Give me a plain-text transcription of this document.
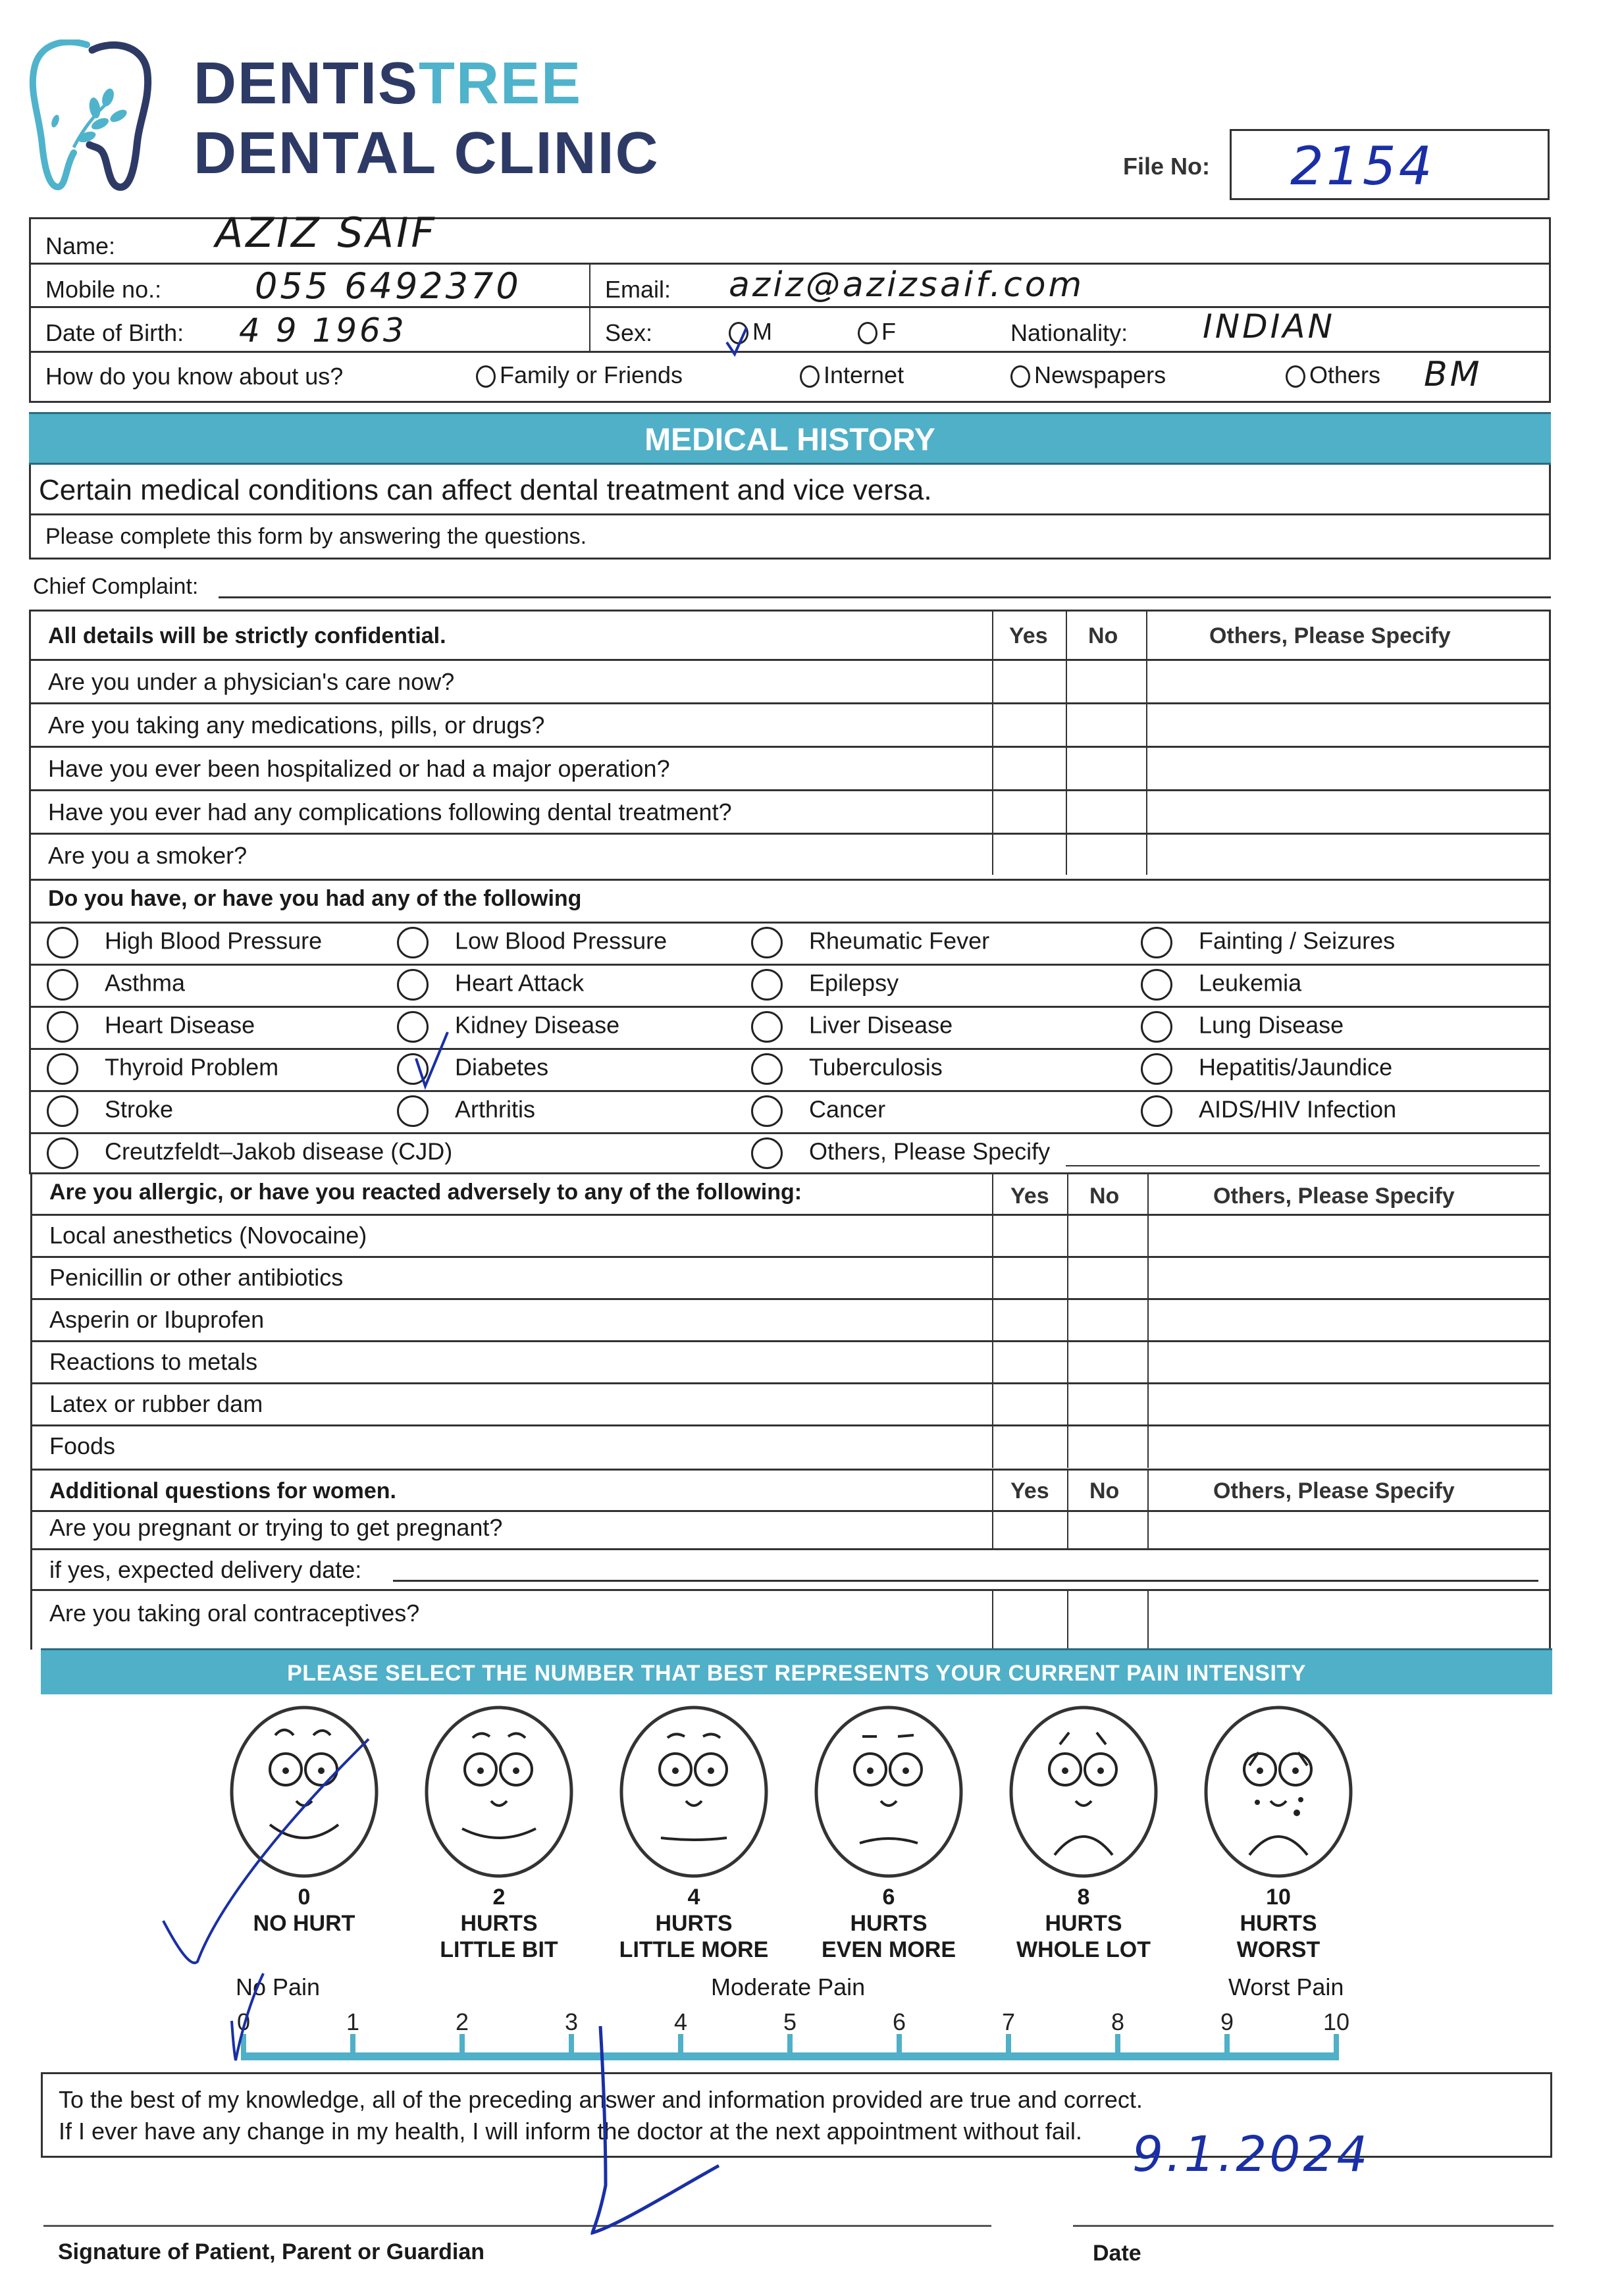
DENTISTREE
DENTAL CLINIC	File No: 2154
Name: AZIZ SAIF
Mobile no.:	055 6492370	Email: aziz@azizsaif.com
Date of Birth: 4 9 1963	Sex:	M	F	Nationality: INDIAN
How do you know about us?	Family or Friends	Internet	Newspapers	Others BM
MEDICAL HISTORY
Certain medical conditions can affect dental treatment and vice versa.
Please complete this form by answering the questions.
Chief Complaint:
All details will be strictly confidential.	Yes No	Others, Please Specify
Are you under a physician's care now?
Are you taking any medications, pills, or drugs?
Have you ever been hospitalized or had a major operation?
Have you ever had any complications following dental treatment?
Are you a smoker?
Do you have, or have you had any of the following
High Blood Pressure	Low Blood Pressure	Rheumatic Fever	Fainting / Seizures
Asthma	Heart Attack	Epilepsy	Leukemia
Heart Disease	Kidney Disease	Liver Disease	Lung Disease
Thyroid Problem	Diabetes	Tuberculosis	Hepatitis/Jaundice
Stroke	Arthritis	Cancer	AIDS/HIV Infection
Creutzfeldt–Jakob disease (CJD)	Others, Please Specify
Are you allergic, or have you reacted adversely to any of the following:	Yes No	Others, Please Specify
Local anesthetics (Novocaine)
Penicillin or other antibiotics
Asperin or Ibuprofen
Reactions to metals
Latex or rubber dam
Foods
Additional questions for women.	Yes No	Others, Please Specify
Are you pregnant or trying to get pregnant?
if yes, expected delivery date:
Are you taking oral contraceptives?
PLEASE SELECT THE NUMBER THAT BEST REPRESENTS YOUR CURRENT PAIN INTENSITY
0
NO HURT
2
HURTS
LITTLE BIT
4
HURTS
LITTLE MORE
6
HURTS
EVEN MORE
8
HURTS
WHOLE LOT
10
HURTS
WORST
No Pain	Moderate Pain	Worst Pain
0	1	2	3	4	5	6	7	8	9	10
To the best of my knowledge, all of the preceding answer and information provided are true and correct.
If I ever have any change in my health, I will inform the doctor at the next appointment without fail.
Signature of Patient, Parent or Guardian	Date
9.1.2024
